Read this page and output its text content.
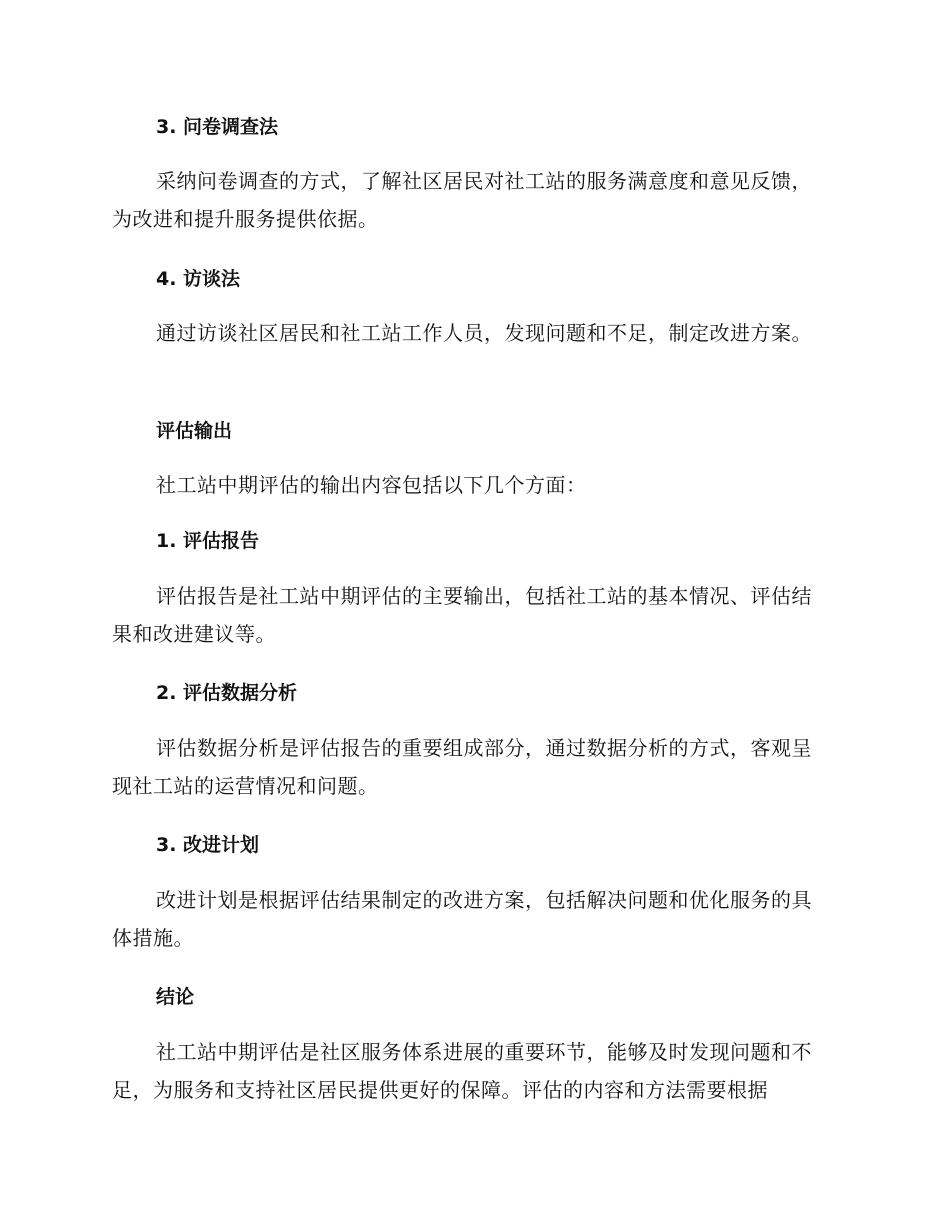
3. 问卷调查法
采纳问卷调查的方式，了解社区居民对社工站的服务满意度和意见反馈，为改进和提升服务提供依据。
4. 访谈法
通过访谈社区居民和社工站工作人员，发现问题和不足，制定改进方案。
评估输出
社工站中期评估的输出内容包括以下几个方面：
1. 评估报告
评估报告是社工站中期评估的主要输出，包括社工站的基本情况、评估结果和改进建议等。
2. 评估数据分析
评估数据分析是评估报告的重要组成部分，通过数据分析的方式，客观呈现社工站的运营情况和问题。
3. 改进计划
改进计划是根据评估结果制定的改进方案，包括解决问题和优化服务的具体措施。
结论
社工站中期评估是社区服务体系进展的重要环节，能够及时发现问题和不足，为服务和支持社区居民提供更好的保障。评估的内容和方法需要根据
